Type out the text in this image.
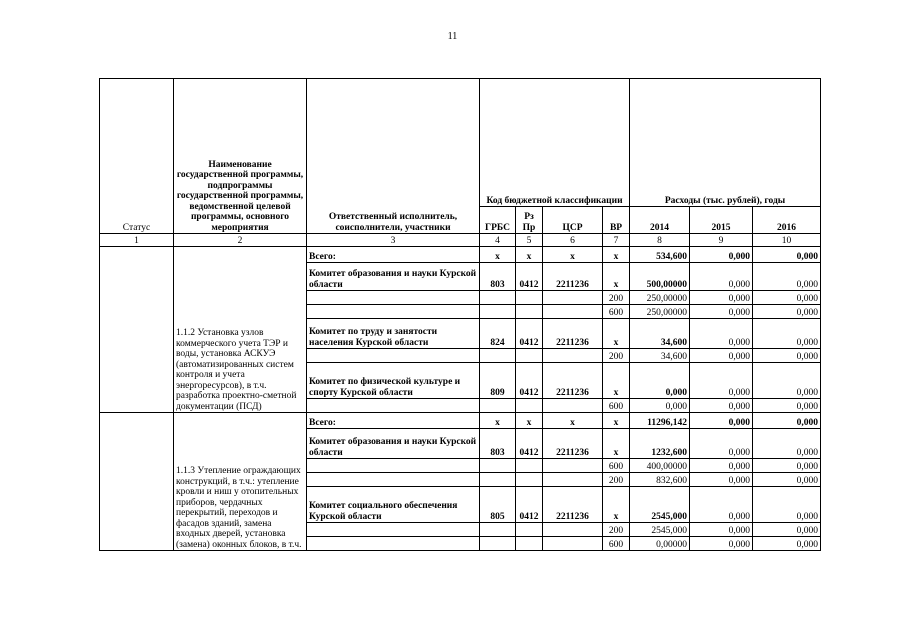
11
Статус	Наименование государственной программы, подпрограммы государственной программы, ведомственной целевой программы, основного мероприятия	Ответственный исполнитель, соисполнители, участники	Код бюджетной классификации				Расходы (тыс. рублей), годы		
			ГРБС	Рз Пр	ЦСР	ВР	2014	2015	2016
1	2	3	4	5	6	7	8	9	10
	1.1.2 Установка узлов коммерческого учета ТЭР и воды, установка АСКУЭ (автоматизированных систем контроля и учета энергоресурсов), в т.ч. разработка проектно-сметной документации (ПСД)	Всего:	х	х	х	х	534,600	0,000	0,000
		Комитет образования и науки Курской области	803	0412	2211236	х	500,00000	0,000	0,000
						200	250,00000	0,000	0,000
						600	250,00000	0,000	0,000
		Комитет по труду и занятости населения Курской области	824	0412	2211236	х	34,600	0,000	0,000
						200	34,600	0,000	0,000
		Комитет по физической культуре и спорту Курской области	809	0412	2211236	х	0,000	0,000	0,000
						600	0,000	0,000	0,000
	1.1.3 Утепление ограждающих конструкций, в т.ч.: утепление кровли и ниш у отопительных приборов, чердачных перекрытий, переходов и фасадов зданий, замена входных дверей, установка (замена) оконных блоков, в т.ч.	Всего:	х	х	х	х	11296,142	0,000	0,000
		Комитет образования и науки Курской области	803	0412	2211236	х	1232,600	0,000	0,000
						600	400,00000	0,000	0,000
						200	832,600	0,000	0,000
		Комитет социального обеспечения Курской области	805	0412	2211236	х	2545,000	0,000	0,000
						200	2545,000	0,000	0,000
						600	0,00000	0,000	0,000
